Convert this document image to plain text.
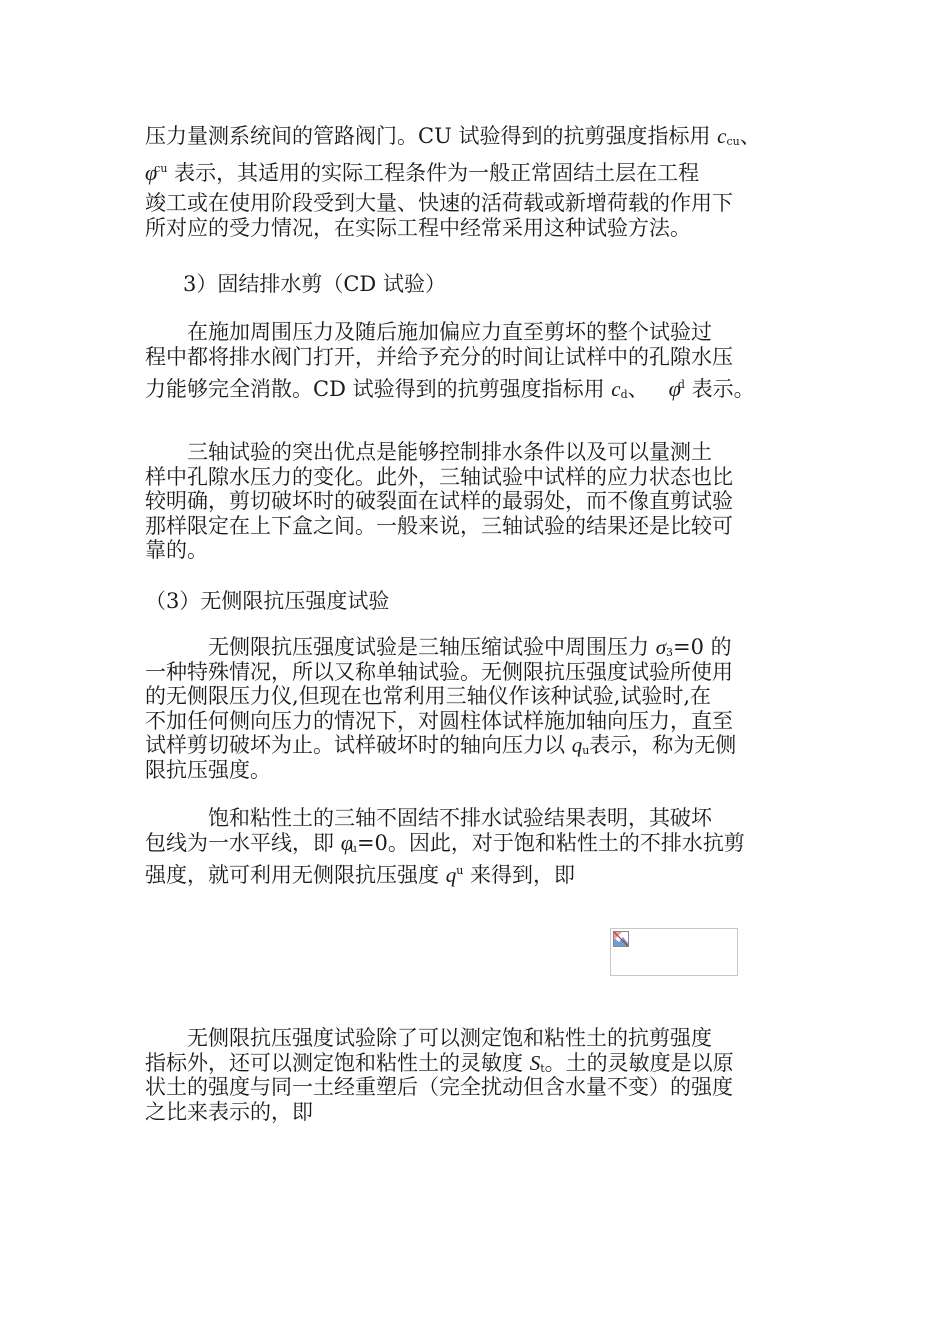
压力量测系统间的管路阀门。CU 试验得到的抗剪强度指标用 ccu、
$\varphi^{cu}$ 表示，其适用的实际工程条件为一般正常固结土层在工程
竣工或在使用阶段受到大量、快速的活荷载或新增荷载的作用下
所对应的受力情况，在实际工程中经常采用这种试验方法。
3）固结排水剪（CD 试验）
　　在施加周围压力及随后施加偏应力直至剪坏的整个试验过
程中都将排水阀门打开，并给予充分的时间让试样中的孔隙水压
力能够完全消散。CD 试验得到的抗剪强度指标用 cd、 $\varphi^d$ 表示。
　　三轴试验的突出优点是能够控制排水条件以及可以量测土
样中孔隙水压力的变化。此外，三轴试验中试样的应力状态也比
较明确，剪切破坏时的破裂面在试样的最弱处，而不像直剪试验
那样限定在上下盒之间。一般来说，三轴试验的结果还是比较可
靠的。
（3）无侧限抗压强度试验
　　　无侧限抗压强度试验是三轴压缩试验中周围压力 σ3=0 的
一种特殊情况，所以又称单轴试验。无侧限抗压强度试验所使用
的无侧限压力仪,但现在也常利用三轴仪作该种试验,试验时,在
不加任何侧向压力的情况下，对圆柱体试样施加轴向压力，直至
试样剪切破坏为止。试样破坏时的轴向压力以 qu表示，称为无侧
限抗压强度。
　　　饱和粘性土的三轴不固结不排水试验结果表明，其破坏
包线为一水平线，即 φu=0。因此，对于饱和粘性土的不排水抗剪
强度，就可利用无侧限抗压强度 $q^u$ 来得到，即
　　无侧限抗压强度试验除了可以测定饱和粘性土的抗剪强度
指标外，还可以测定饱和粘性土的灵敏度 St。土的灵敏度是以原
状土的强度与同一土经重塑后（完全扰动但含水量不变）的强度
之比来表示的，即
